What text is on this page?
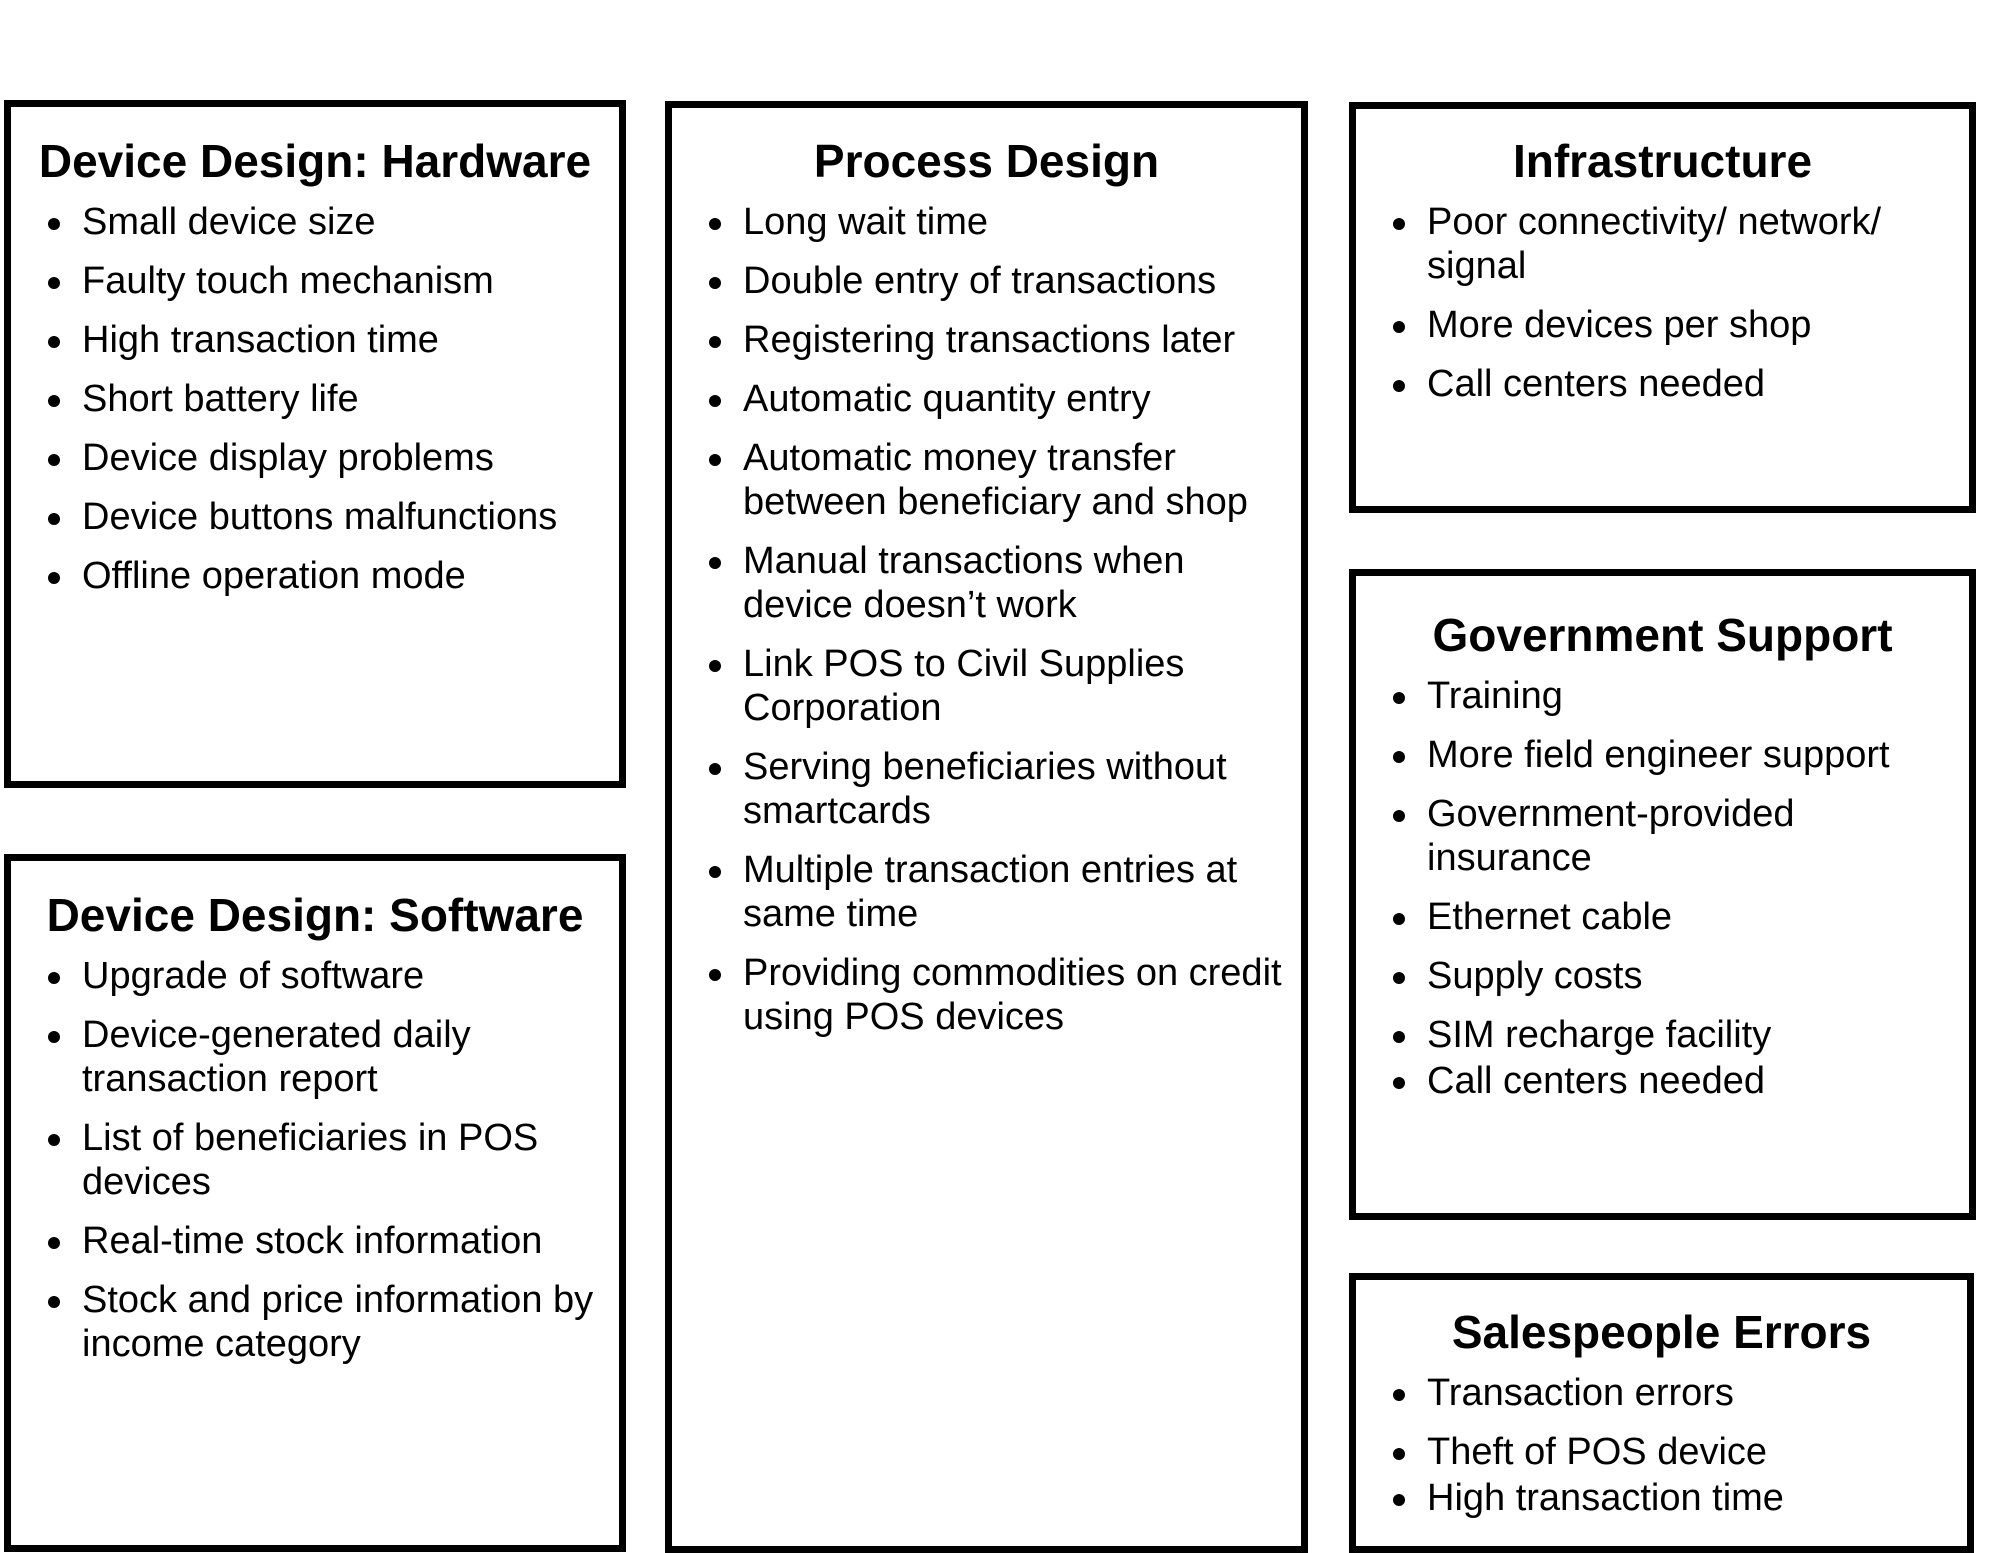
Device Design: Hardware
Small device size
Faulty touch mechanism
High transaction time
Short battery life
Device display problems
Device buttons malfunctions
Offline operation mode
Device Design: Software
Upgrade of software
Device-generated daily transaction report
List of beneficiaries in POS devices
Real-time stock information
Stock and price information by income category
Process Design
Long wait time
Double entry of transactions
Registering transactions later
Automatic quantity entry
Automatic money transfer between beneficiary and shop
Manual transactions when device doesn’t work
Link POS to Civil Supplies Corporation
Serving beneficiaries without smartcards
Multiple transaction entries at same time
Providing commodities on credit using POS devices
Infrastructure
Poor connectivity/ network/ signal
More devices per shop
Call centers needed
Government Support
Training
More field engineer support
Government-provided insurance
Ethernet cable
Supply costs
SIM recharge facility
Call centers needed
Salespeople Errors
Transaction errors
Theft of POS device
High transaction time
